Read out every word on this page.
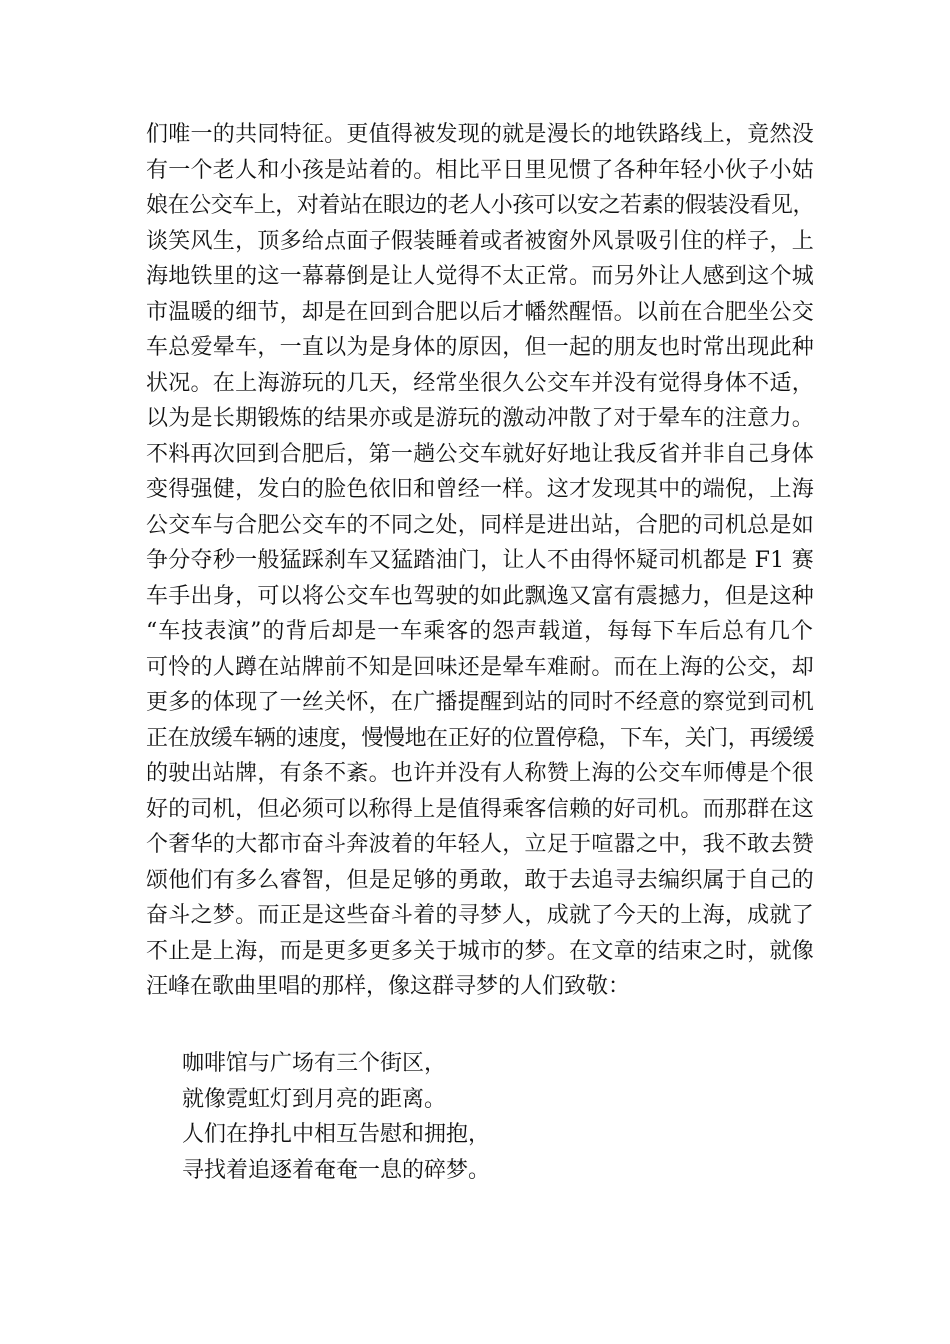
们唯一的共同特征。更值得被发现的就是漫长的地铁路线上，竟然没
有一个老人和小孩是站着的。相比平日里见惯了各种年轻小伙子小姑
娘在公交车上，对着站在眼边的老人小孩可以安之若素的假装没看见，
谈笑风生，顶多给点面子假装睡着或者被窗外风景吸引住的样子，上
海地铁里的这一幕幕倒是让人觉得不太正常。而另外让人感到这个城
市温暖的细节，却是在回到合肥以后才幡然醒悟。以前在合肥坐公交
车总爱晕车，一直以为是身体的原因，但一起的朋友也时常出现此种
状况。在上海游玩的几天，经常坐很久公交车并没有觉得身体不适，
以为是长期锻炼的结果亦或是游玩的激动冲散了对于晕车的注意力。
不料再次回到合肥后，第一趟公交车就好好地让我反省并非自己身体
变得强健，发白的脸色依旧和曾经一样。这才发现其中的端倪，上海
公交车与合肥公交车的不同之处，同样是进出站，合肥的司机总是如
争分夺秒一般猛踩刹车又猛踏油门，让人不由得怀疑司机都是 F1 赛
车手出身，可以将公交车也驾驶的如此飘逸又富有震撼力，但是这种
“车技表演”的背后却是一车乘客的怨声载道，每每下车后总有几个
可怜的人蹲在站牌前不知是回味还是晕车难耐。而在上海的公交，却
更多的体现了一丝关怀，在广播提醒到站的同时不经意的察觉到司机
正在放缓车辆的速度，慢慢地在正好的位置停稳，下车，关门，再缓缓
的驶出站牌，有条不紊。也许并没有人称赞上海的公交车师傅是个很
好的司机，但必须可以称得上是值得乘客信赖的好司机。而那群在这
个奢华的大都市奋斗奔波着的年轻人，立足于喧嚣之中，我不敢去赞
颂他们有多么睿智，但是足够的勇敢，敢于去追寻去编织属于自己的
奋斗之梦。而正是这些奋斗着的寻梦人，成就了今天的上海，成就了
不止是上海，而是更多更多关于城市的梦。在文章的结束之时，就像
汪峰在歌曲里唱的那样，像这群寻梦的人们致敬：
咖啡馆与广场有三个街区，
就像霓虹灯到月亮的距离。
人们在挣扎中相互告慰和拥抱，
寻找着追逐着奄奄一息的碎梦。
